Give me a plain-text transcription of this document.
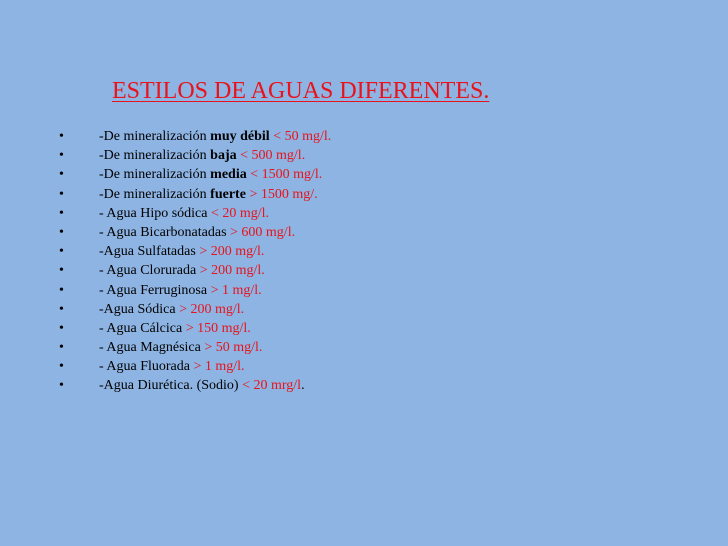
ESTILOS DE AGUAS DIFERENTES.
•	-De mineralización muy débil < 50 mg/l.
•	-De mineralización baja < 500 mg/l.
•	-De mineralización media < 1500 mg/l.
•	-De mineralización fuerte > 1500 mg/.
•	- Agua Hipo sódica < 20 mg/l.
•	- Agua Bicarbonatadas > 600 mg/l.
•	-Agua Sulfatadas > 200 mg/l.
•	- Agua Clorurada > 200 mg/l.
•	- Agua Ferruginosa > 1 mg/l.
•	-Agua Sódica > 200 mg/l.
•	- Agua Cálcica > 150 mg/l.
•	- Agua Magnésica > 50 mg/l.
•	- Agua Fluorada > 1 mg/l.
•	-Agua Diurética. (Sodio) < 20 mrg/l.
